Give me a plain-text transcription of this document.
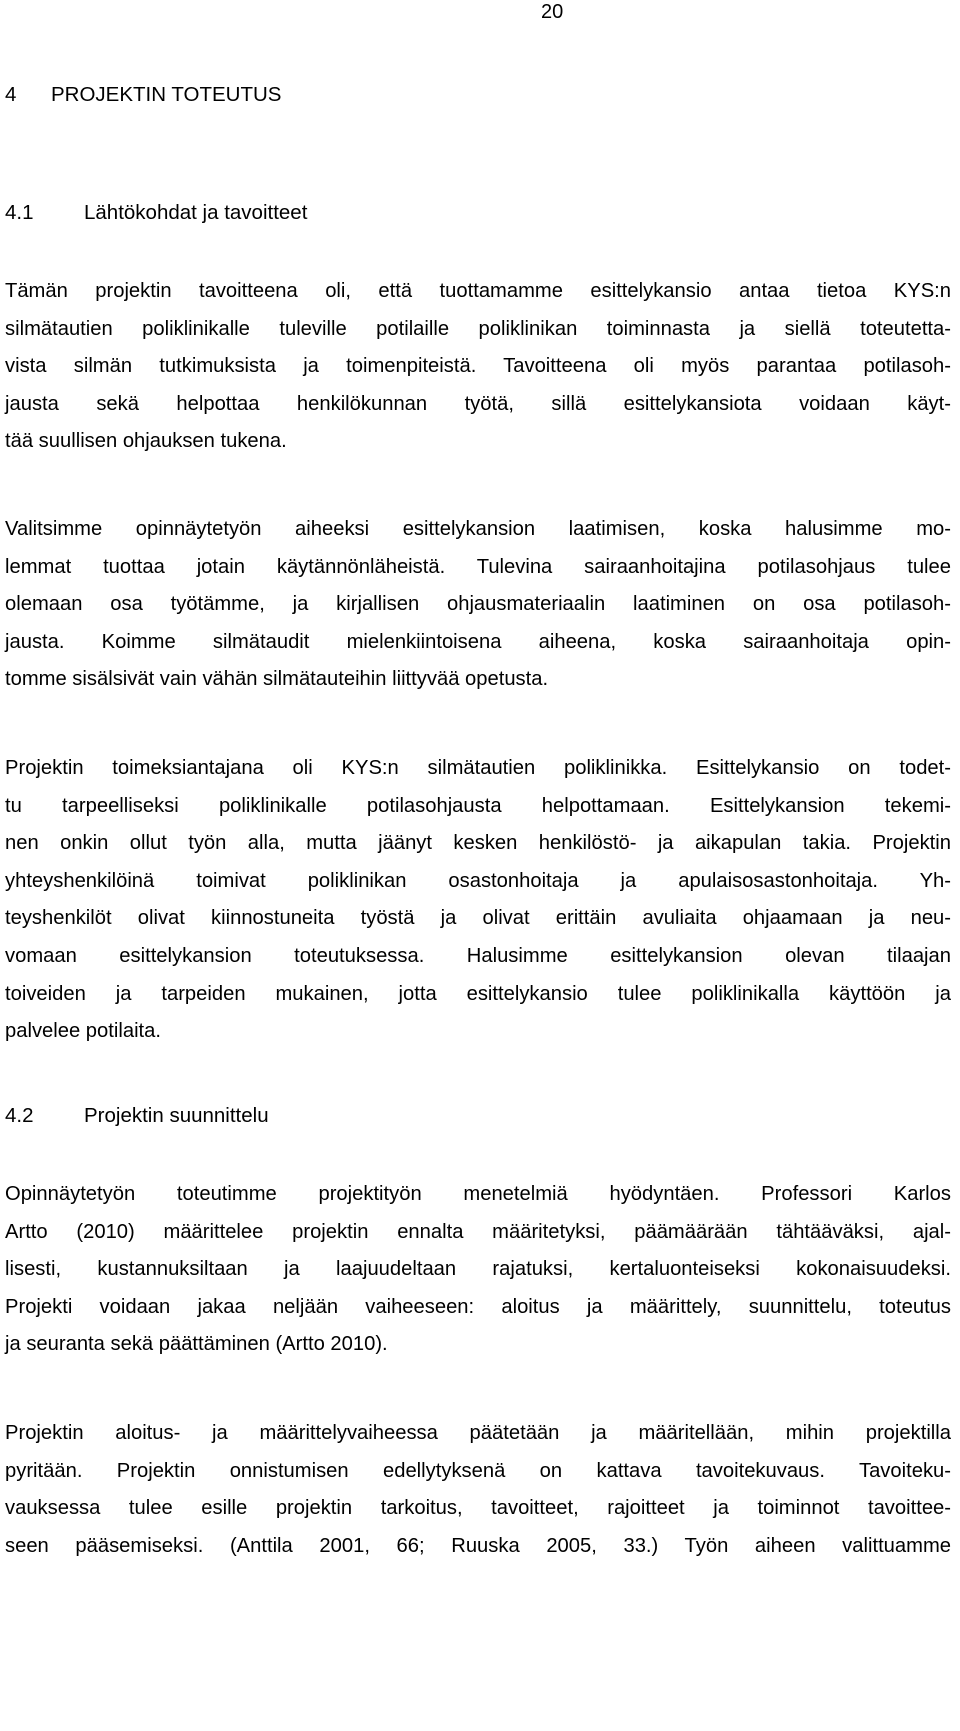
20
4 PROJEKTIN TOTEUTUS
4.1 Lähtökohdat ja tavoitteet

Tämän projektin tavoitteena oli, että tuottamamme esittelykansio antaa tietoa KYS:n
silmätautien poliklinikalle tuleville potilaille poliklinikan toiminnasta ja siellä toteutetta-
vista silmän tutkimuksista ja toimenpiteistä. Tavoitteena oli myös parantaa potilasoh-
jausta sekä helpottaa henkilökunnan työtä, sillä esittelykansiota voidaan käyt-
tää suullisen ohjauksen tukena.

Valitsimme opinnäytetyön aiheeksi esittelykansion laatimisen, koska halusimme mo-
lemmat tuottaa jotain käytännönläheistä. Tulevina sairaanhoitajina potilasohjaus tulee
olemaan osa työtämme, ja kirjallisen ohjausmateriaalin laatiminen on osa potilasoh-
jausta. Koimme silmätaudit mielenkiintoisena aiheena, koska sairaanhoitaja opin-
tomme sisälsivät vain vähän silmätauteihin liittyvää opetusta.

Projektin toimeksiantajana oli KYS:n silmätautien poliklinikka. Esittelykansio on todet-
tu tarpeelliseksi poliklinikalle potilasohjausta helpottamaan. Esittelykansion tekemi-
nen onkin ollut työn alla, mutta jäänyt kesken henkilöstö- ja aikapulan takia. Projektin
yhteyshenkilöinä toimivat poliklinikan osastonhoitaja ja apulaisosastonhoitaja. Yh-
teyshenkilöt olivat kiinnostuneita työstä ja olivat erittäin avuliaita ohjaamaan ja neu-
vomaan esittelykansion toteutuksessa. Halusimme esittelykansion olevan tilaajan
toiveiden ja tarpeiden mukainen, jotta esittelykansio tulee poliklinikalla käyttöön ja
palvelee potilaita.

4.2 Projektin suunnittelu

Opinnäytetyön toteutimme projektityön menetelmiä hyödyntäen. Professori Karlos
Artto (2010) määrittelee projektin ennalta määritetyksi, päämäärään tähtääväksi, ajal-
lisesti, kustannuksiltaan ja laajuudeltaan rajatuksi, kertaluonteiseksi kokonaisuudeksi.
Projekti voidaan jakaa neljään vaiheeseen: aloitus ja määrittely, suunnittelu, toteutus
ja seuranta sekä päättäminen (Artto 2010).

Projektin aloitus- ja määrittelyvaiheessa päätetään ja määritellään, mihin projektilla
pyritään. Projektin onnistumisen edellytyksenä on kattava tavoitekuvaus. Tavoiteku-
vauksessa tulee esille projektin tarkoitus, tavoitteet, rajoitteet ja toiminnot tavoittee-
seen pääsemiseksi. (Anttila 2001, 66; Ruuska 2005, 33.) Työn aiheen valittuamme
